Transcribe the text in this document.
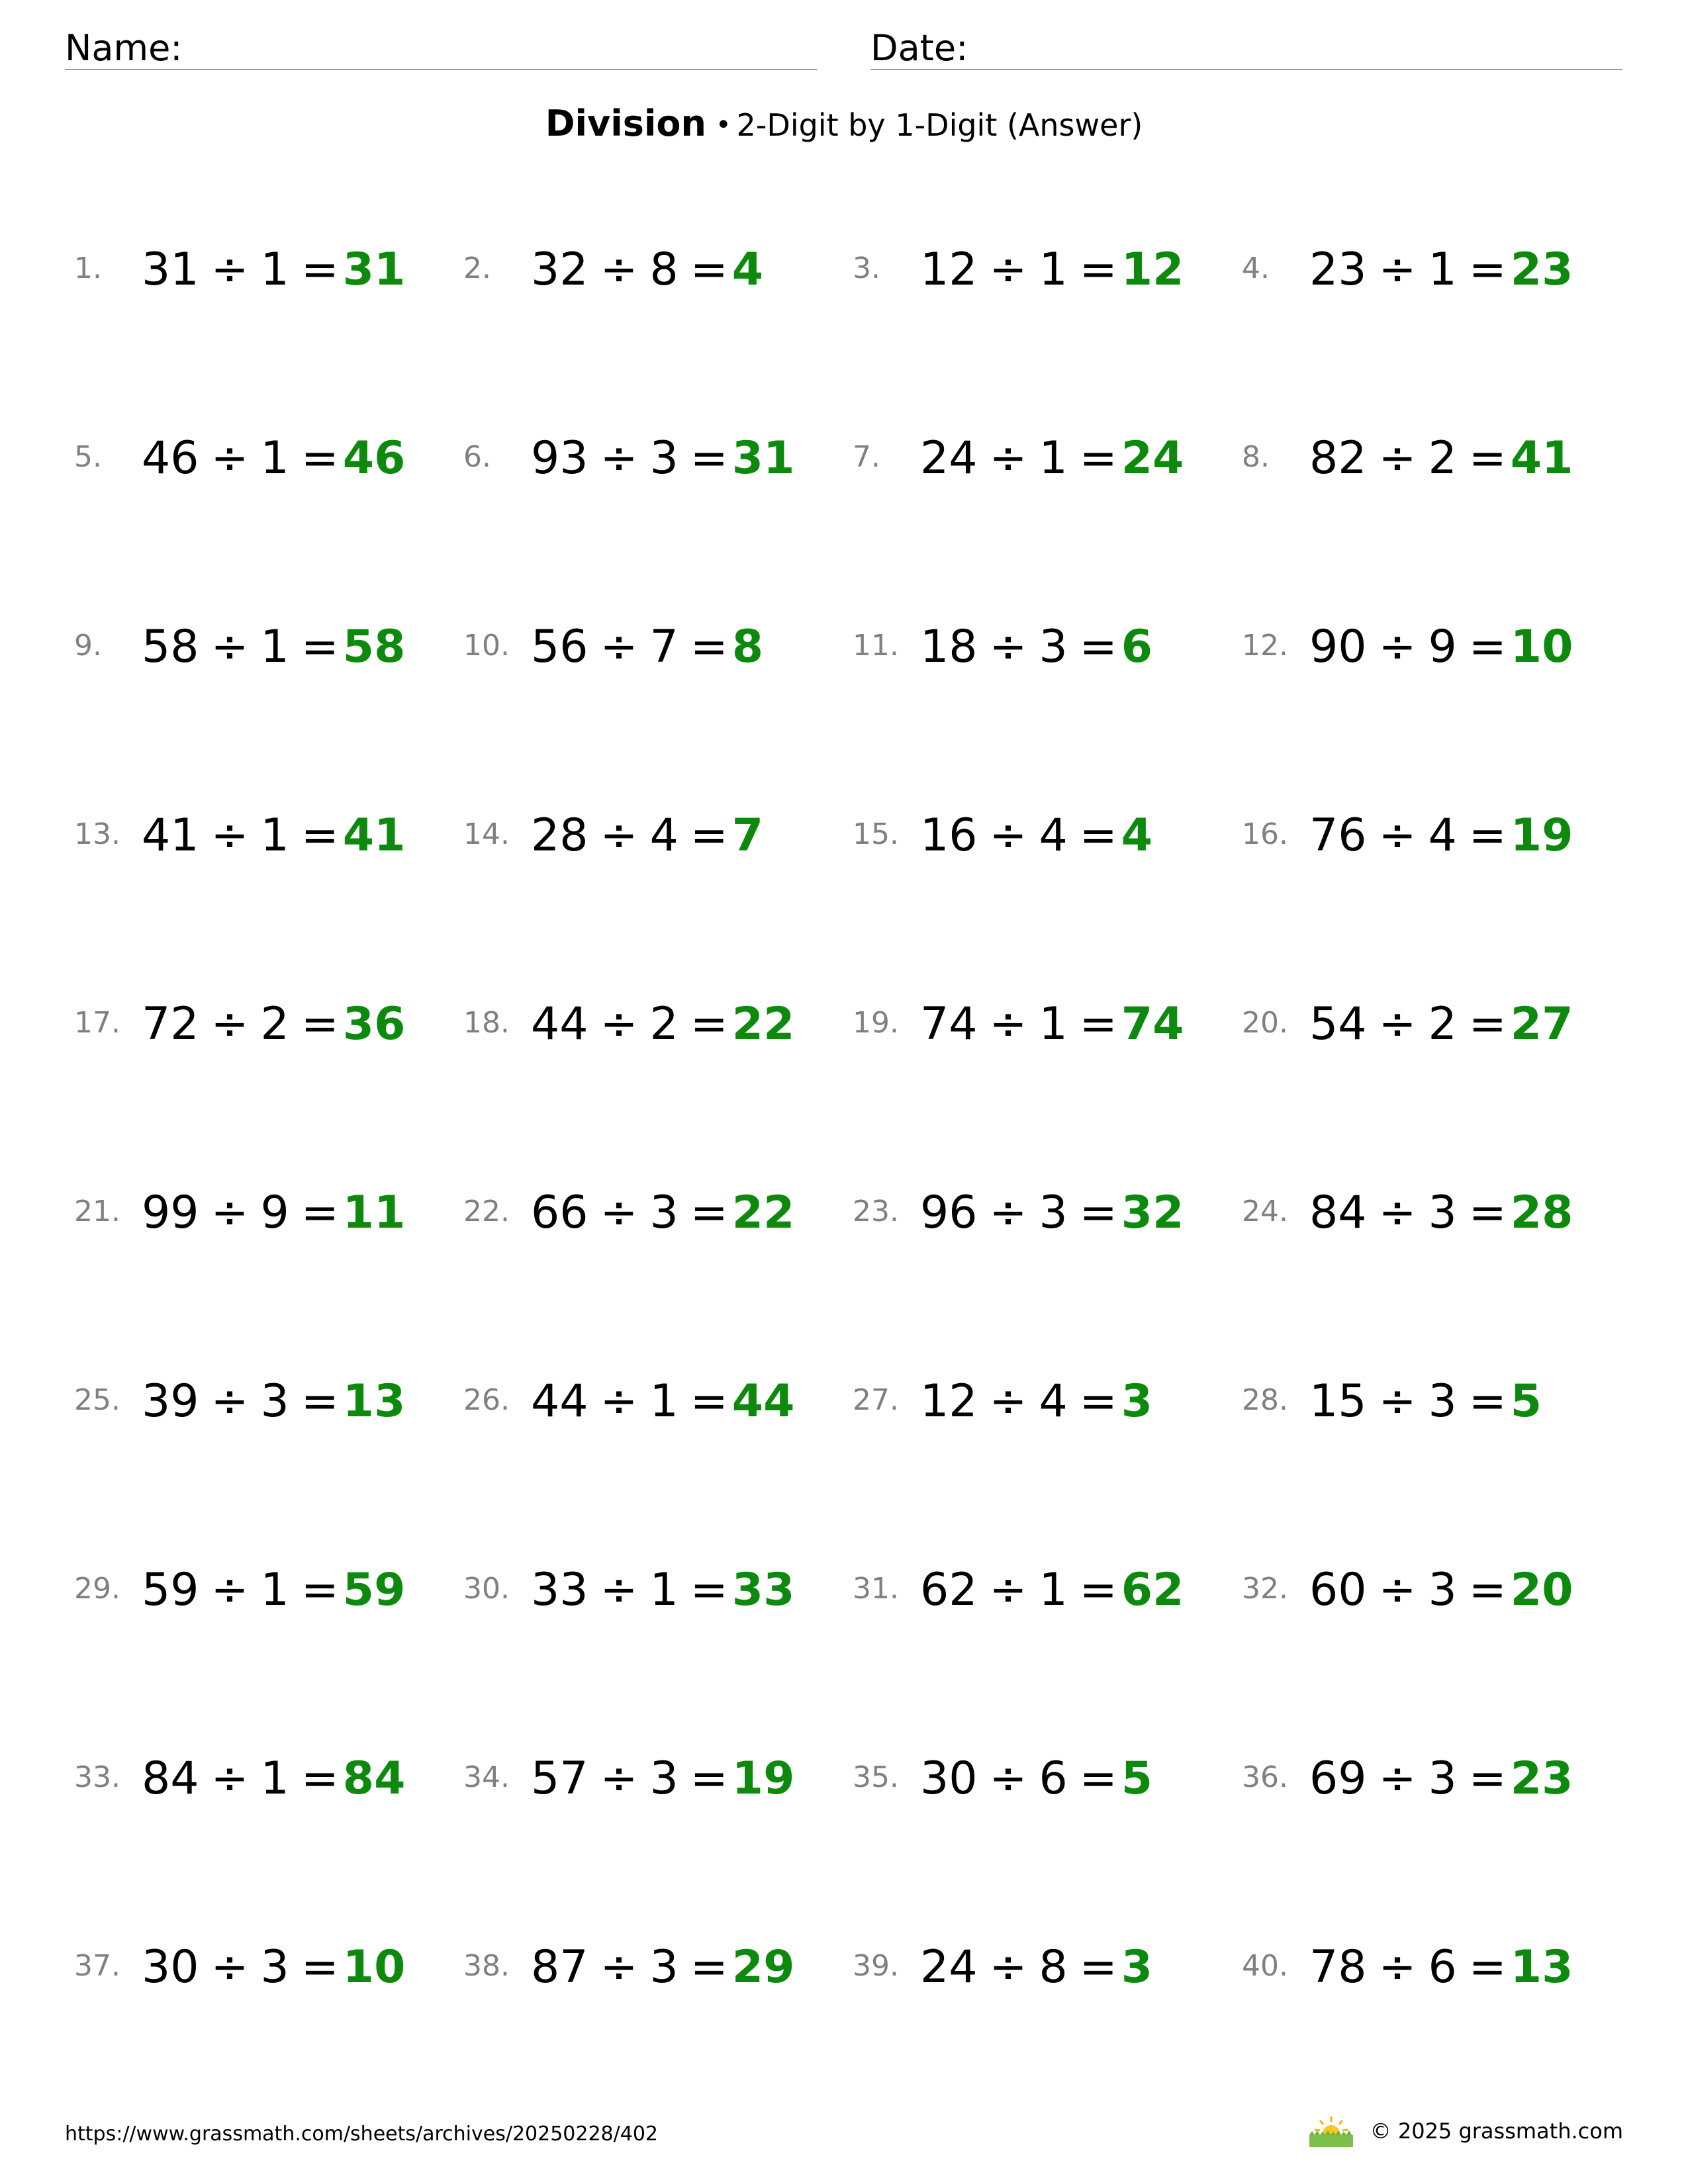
Name:	Date:
Division • 2-Digit by 1-Digit (Answer)
1. 31 ÷ 1 =31 2. 32 ÷ 8 =4	3. 12 ÷ 1 =12 4. 23 ÷ 1 =23
5. 46 ÷ 1 =46 6. 93 ÷ 3 =31 7. 24 ÷ 1 =24 8. 82 ÷ 2 =41
9. 58 ÷ 1 =58 10. 56 ÷ 7 =8	11. 18 ÷ 3 =6	12. 90 ÷ 9 =10
13. 41 ÷ 1 =41 14. 28 ÷ 4 =7	15. 16 ÷ 4 =4	16. 76 ÷ 4 =19
17. 72 ÷ 2 =36 18. 44 ÷ 2 =22 19. 74 ÷ 1 =74 20. 54 ÷ 2 =27
21. 99 ÷ 9 =11 22. 66 ÷ 3 =22 23. 96 ÷ 3 =32 24. 84 ÷ 3 =28
25. 39 ÷ 3 =13 26. 44 ÷ 1 =44 27. 12 ÷ 4 =3	28. 15 ÷ 3 =5
29. 59 ÷ 1 =59 30. 33 ÷ 1 =33 31. 62 ÷ 1 =62 32. 60 ÷ 3 =20
33. 84 ÷ 1 =84 34. 57 ÷ 3 =19 35. 30 ÷ 6 =5	36. 69 ÷ 3 =23
37. 30 ÷ 3 =10 38. 87 ÷ 3 =29 39. 24 ÷ 8 =3	40. 78 ÷ 6 =13
https://www.grassmath.com/sheets/archives/20250228/402	© 2025 grassmath.com
